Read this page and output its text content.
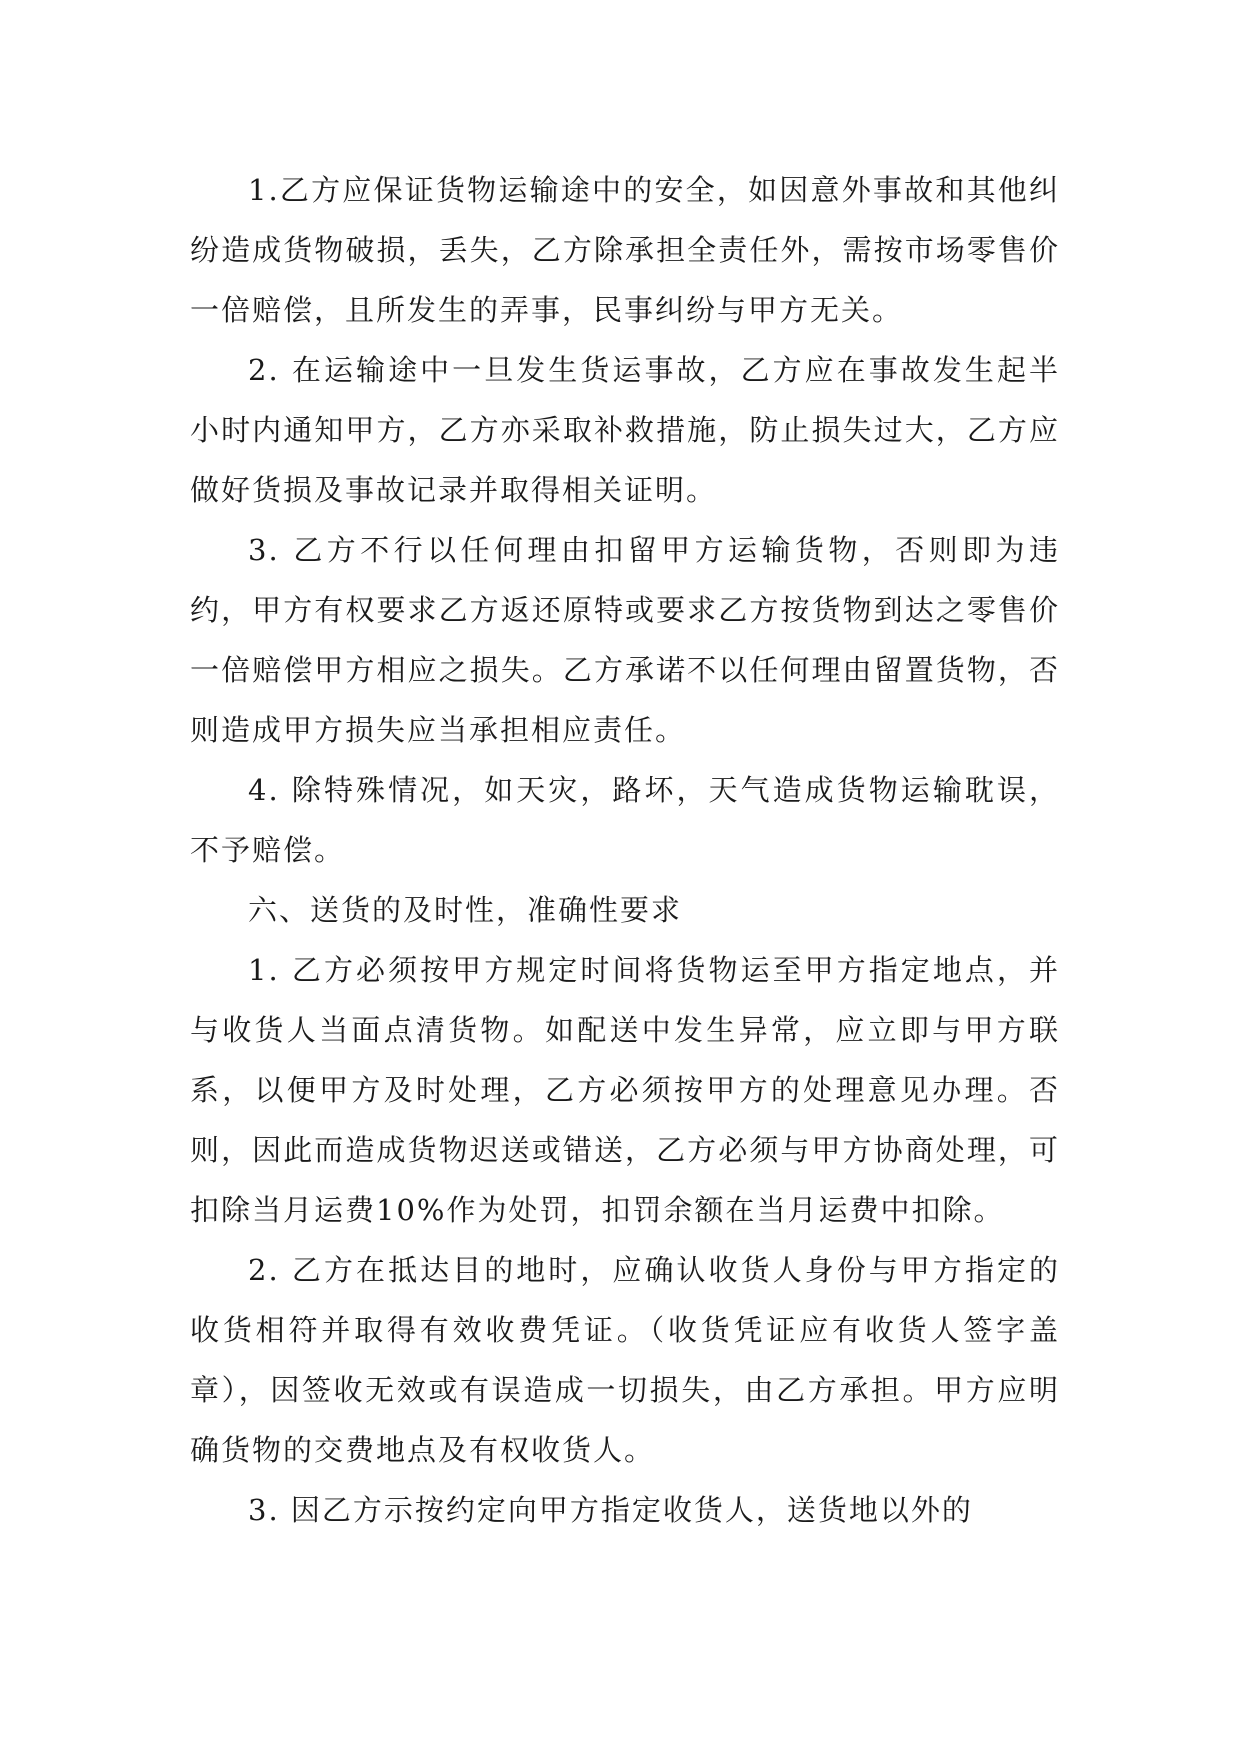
1.乙方应保证货物运输途中的安全，如因意外事故和其他纠纷造成货物破损，丢失，乙方除承担全责任外，需按市场零售价一倍赔偿，且所发生的弄事，民事纠纷与甲方无关。

2. 在运输途中一旦发生货运事故，乙方应在事故发生起半小时内通知甲方，乙方亦采取补救措施，防止损失过大，乙方应做好货损及事故记录并取得相关证明。

3. 乙方不行以任何理由扣留甲方运输货物，否则即为违约，甲方有权要求乙方返还原特或要求乙方按货物到达之零售价一倍赔偿甲方相应之损失。乙方承诺不以任何理由留置货物，否则造成甲方损失应当承担相应责任。

4. 除特殊情况，如天灾，路坏，天气造成货物运输耽误，不予赔偿。

六、送货的及时性，准确性要求

1. 乙方必须按甲方规定时间将货物运至甲方指定地点，并与收货人当面点清货物。如配送中发生异常，应立即与甲方联系，以便甲方及时处理，乙方必须按甲方的处理意见办理。否则，因此而造成货物迟送或错送，乙方必须与甲方协商处理，可扣除当月运费10%作为处罚，扣罚余额在当月运费中扣除。

2. 乙方在抵达目的地时，应确认收货人身份与甲方指定的收货相符并取得有效收费凭证。（收货凭证应有收货人签字盖章），因签收无效或有误造成一切损失，由乙方承担。甲方应明确货物的交费地点及有权收货人。

3. 因乙方示按约定向甲方指定收货人，送货地以外的
